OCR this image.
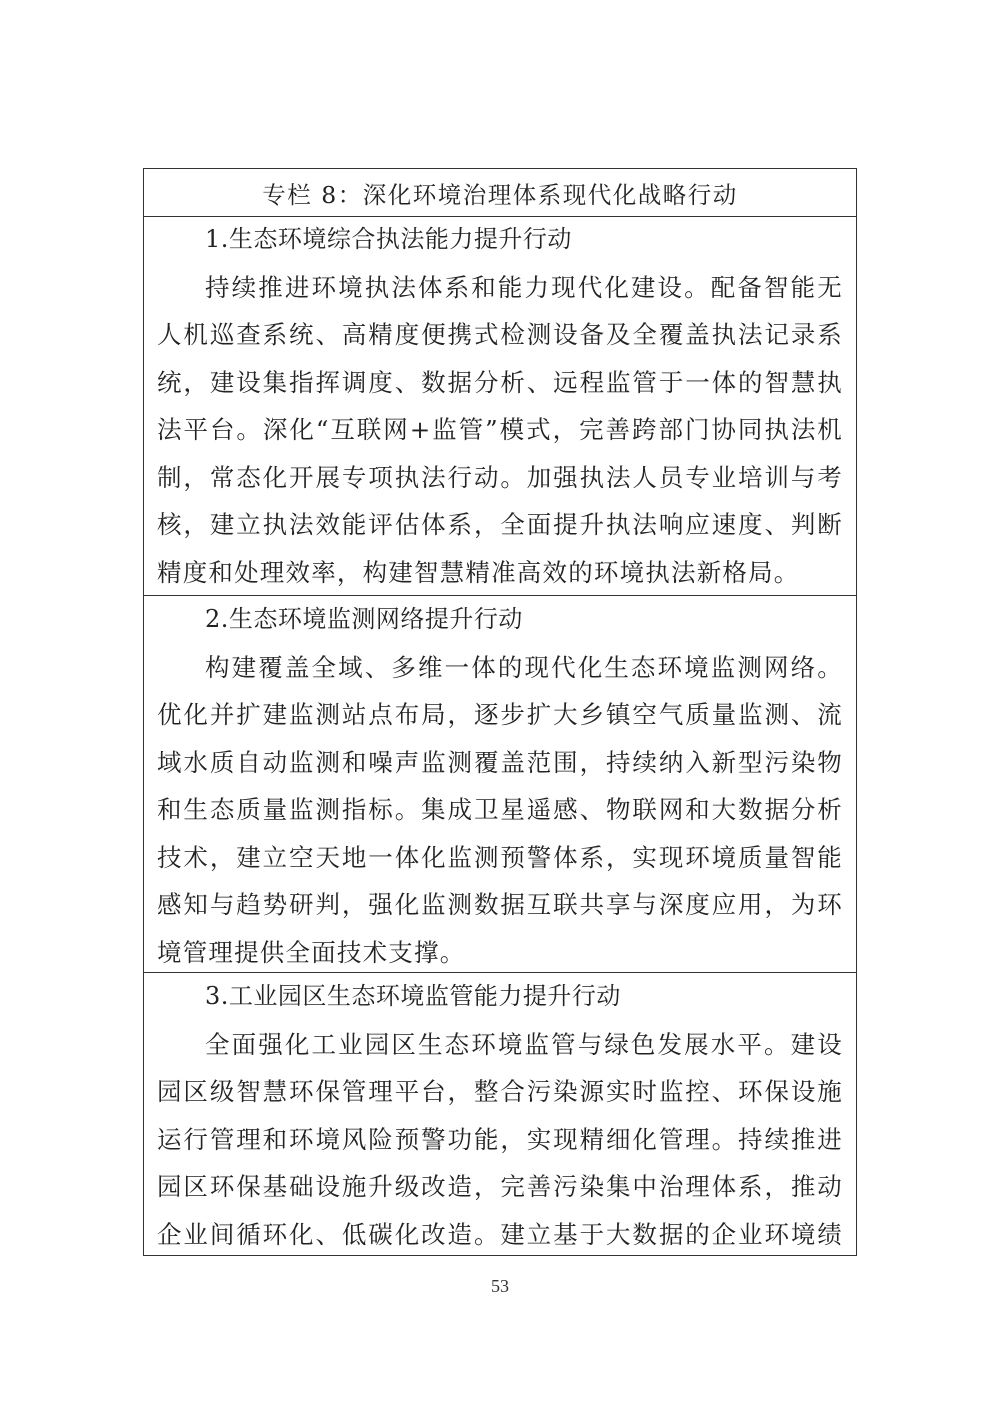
专栏 8：深化环境治理体系现代化战略行动
1.生态环境综合执法能力提升行动
持续推进环境执法体系和能力现代化建设。配备智能无
人机巡查系统、高精度便携式检测设备及全覆盖执法记录系
统，建设集指挥调度、数据分析、远程监管于一体的智慧执
法平台。深化“互联网+监管”模式，完善跨部门协同执法机
制，常态化开展专项执法行动。加强执法人员专业培训与考
核，建立执法效能评估体系，全面提升执法响应速度、判断
精度和处理效率，构建智慧精准高效的环境执法新格局。
2.生态环境监测网络提升行动
构建覆盖全域、多维一体的现代化生态环境监测网络。
优化并扩建监测站点布局，逐步扩大乡镇空气质量监测、流
域水质自动监测和噪声监测覆盖范围，持续纳入新型污染物
和生态质量监测指标。集成卫星遥感、物联网和大数据分析
技术，建立空天地一体化监测预警体系，实现环境质量智能
感知与趋势研判，强化监测数据互联共享与深度应用，为环
境管理提供全面技术支撑。
3.工业园区生态环境监管能力提升行动
全面强化工业园区生态环境监管与绿色发展水平。建设
园区级智慧环保管理平台，整合污染源实时监控、环保设施
运行管理和环境风险预警功能，实现精细化管理。持续推进
园区环保基础设施升级改造，完善污染集中治理体系，推动
企业间循环化、低碳化改造。建立基于大数据的企业环境绩
53
